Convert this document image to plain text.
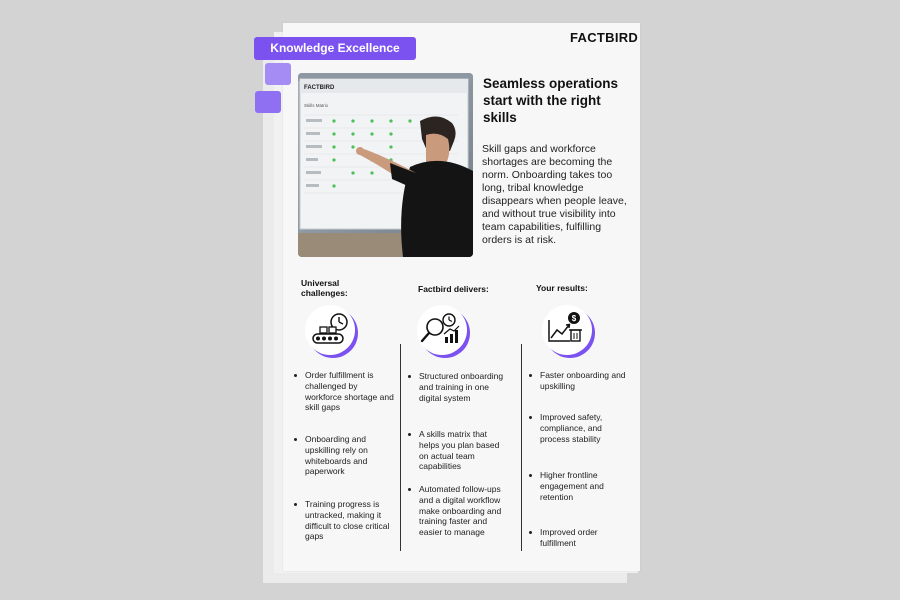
Knowledge Excellence
FACTBIRD
FACTBIRD
Skills Matrix
Seamless operations start with the right skills
Skill gaps and workforce shortages are becoming the norm. Onboarding takes too long, tribal knowledge disappears when people leave, and without true visibility into team capabilities, fulfilling orders is at risk.
Universal challenges:	Factbird delivers:	Your results:
$
Order fulfillment is challenged by workforce shortage and skill gaps
Onboarding and upskilling rely on whiteboards and paperwork
Training progress is untracked, making it difficult to close critical gaps
Structured onboarding and training in one digital system
A skills matrix that helps you plan based on actual team capabilities
Automated follow-ups and a digital workflow make onboarding and training faster and easier to manage
Faster onboarding and upskilling
Improved safety, compliance, and process stability
Higher frontline engagement and retention
Improved order fulfillment
